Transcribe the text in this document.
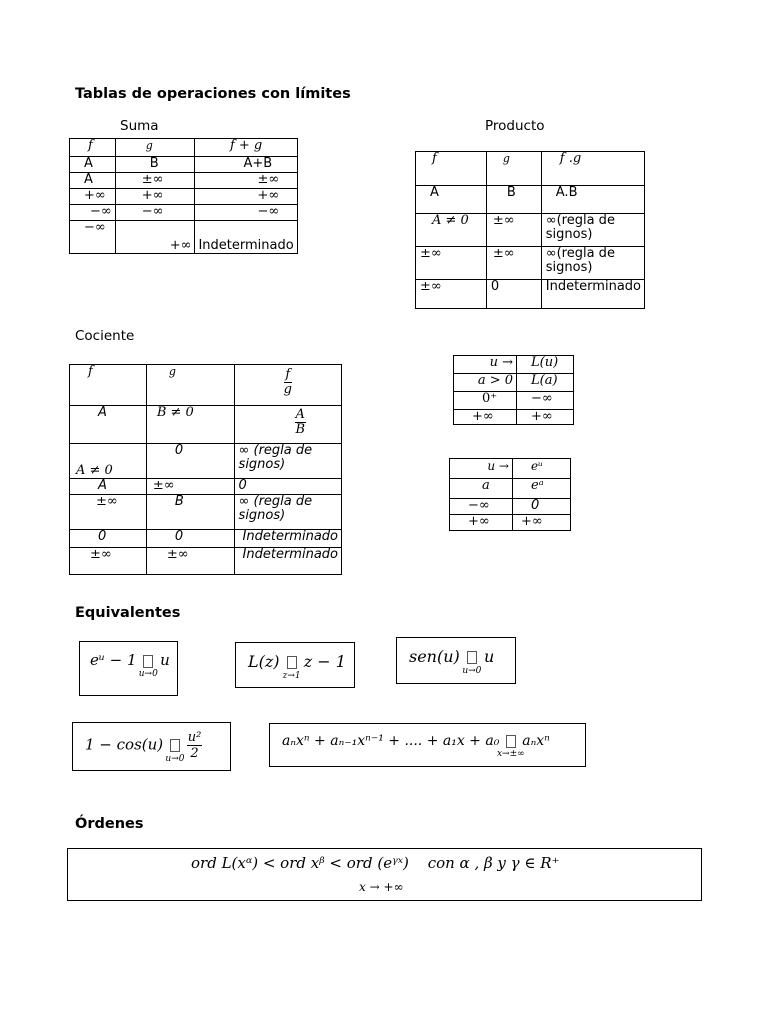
Tablas de operaciones con límites
Suma
f	g	f + g
A	B	A+B
A	±∞	±∞
+∞	+∞	+∞
−∞	−∞	−∞
−∞	+∞	Indeterminado
Producto
f	g	f .g
A	B	A.B
A ≠ 0	±∞	∞(regla de signos)
±∞	±∞	∞(regla de signos)
±∞	0	Indeterminado
Cociente
f	g	$\frac{f}{g}$

A	B ≠ 0	$\frac{A}{B}$

A ≠ 0	0	∞ (regla de signos)
A	±∞	0
±∞	B	∞ (regla de signos)
0	0	Indeterminado
±∞	±∞	Indeterminado
u →	L(u)
a > 0	L(a)
0⁺	−∞
+∞	+∞
u →	eᵘ
a	eᵃ
−∞	0
+∞	+∞
Equivalentes
eᵘ − 1
u→0
u	L(z)
z→1
z − 1	sen(u)
u→0
u
1 − cos(u)
u→0
$\frac{\text{u²}}{2}$	aₙxⁿ + aₙ₋₁xⁿ⁻¹ + .... + a₁x + a₀
x→±∞
aₙxⁿ
Órdenes
ord L(xᵅ) < ord xᵝ < ord (eᵞˣ) con α , β y γ ∈ R⁺
x → +∞
